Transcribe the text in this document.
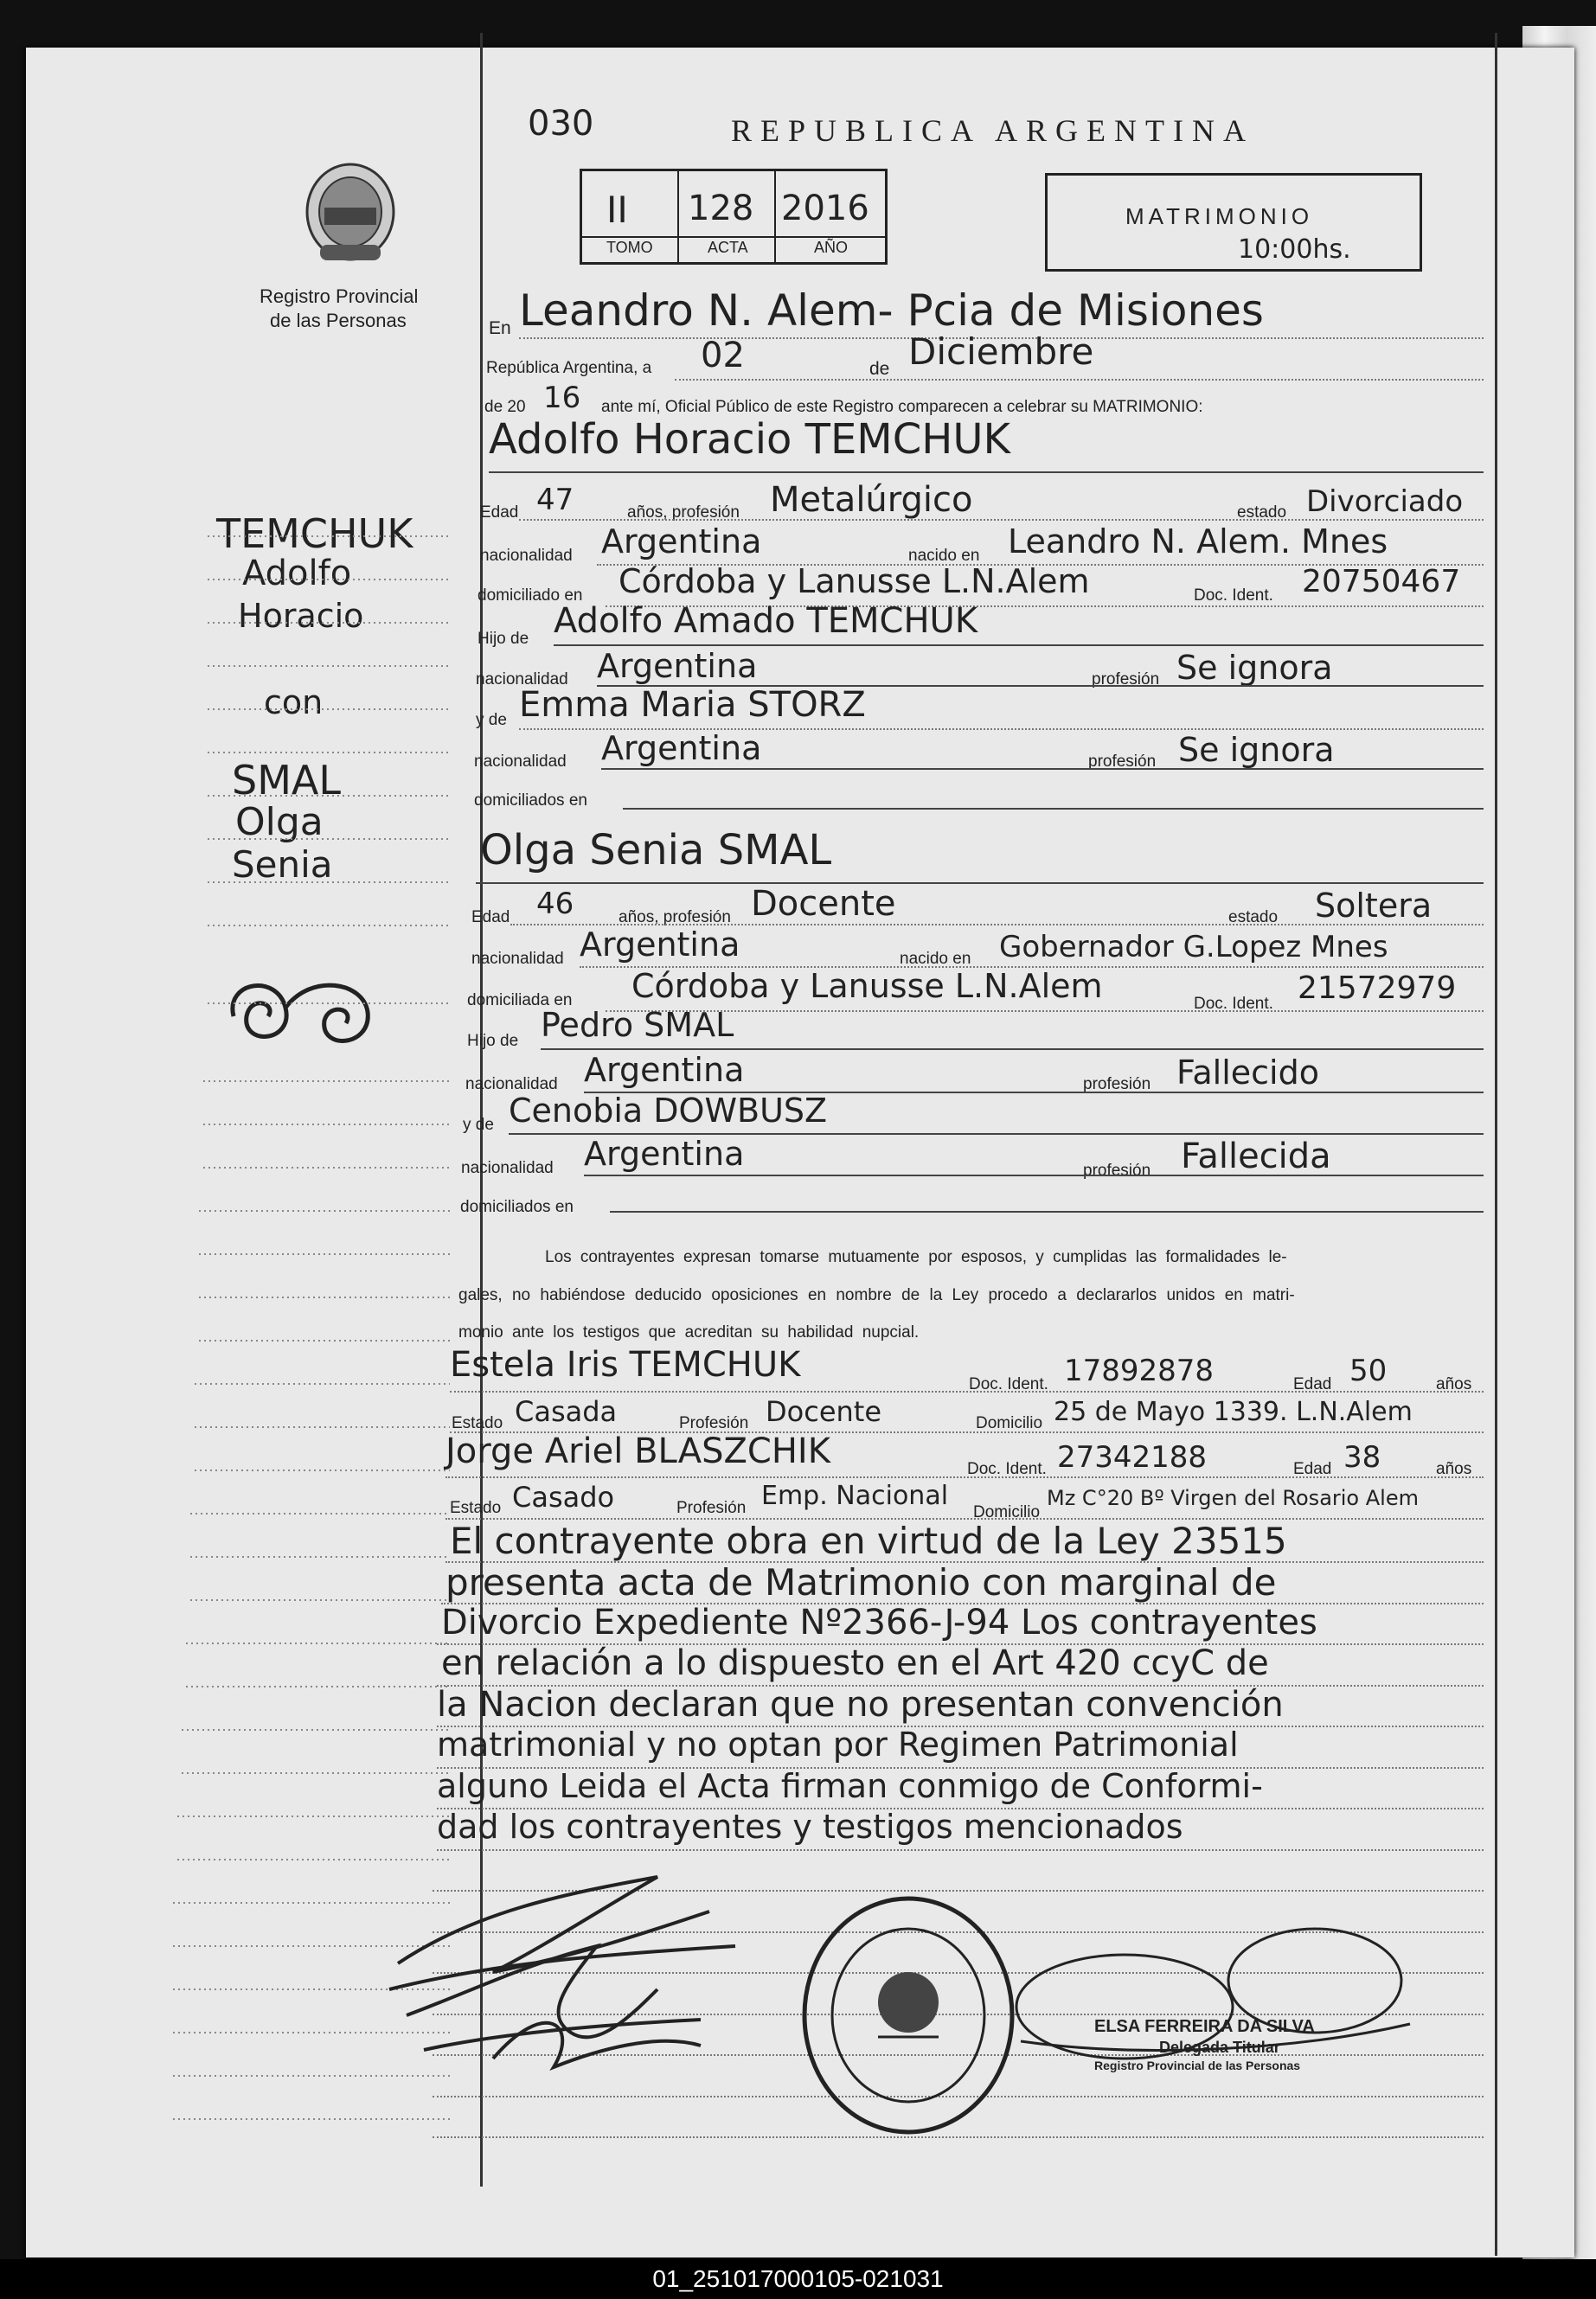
030	REPUBLICA ARGENTINA
Registro Provincial
de las Personas
II 128 2016
TOMO	ACTA	AÑO
MATRIMONIO
10:00hs.
En Leandro N. Alem- Pcia de Misiones
República Argentina, a 02	de Diciembre
de 20 16 ante mí, Oficial Público de este Registro comparecen a celebrar su MATRIMONIO:
Adolfo Horacio TEMCHUK
Edad 47	años, profesión Metalúrgico	estado Divorciado
nacionalidad Argentina	nacido en Leandro N. Alem. Mnes
domiciliado en Córdoba y Lanusse L.N.Alem	Doc. Ident. 20750467
Hijo de Adolfo Amado TEMCHUK
nacionalidad Argentina	profesión Se ignora
y de Emma Maria STORZ
nacionalidad Argentina	profesión Se ignora
domiciliados en
Olga Senia SMAL
Edad 46	años, profesión Docente	estado Soltera
nacionalidad Argentina	nacido en Gobernador G.Lopez Mnes
domiciliada en Córdoba y Lanusse L.N.Alem	Doc. Ident. 21572979
Hijo de Pedro SMAL
nacionalidad Argentina	profesión Fallecido
y de Cenobia DOWBUSZ
nacionalidad Argentina	profesión Fallecida
domiciliados en
Los contrayentes expresan tomarse mutuamente por esposos, y cumplidas las formalidades le-
gales, no habiéndose deducido oposiciones en nombre de la Ley procedo a declararlos unidos en matri-
monio ante los testigos que acreditan su habilidad nupcial.
Estela Iris TEMCHUK	Doc. Ident. 17892878	Edad 50	años
Estado Casada	Profesión Docente	Domicilio 25 de Mayo 1339. L.N.Alem
Jorge Ariel BLASZCHIK	Doc. Ident. 27342188	Edad 38	años
Estado Casado	Profesión Emp. Nacional
Domicilio
Mz C°20 Bº Virgen del Rosario Alem
El contrayente obra en virtud de la Ley 23515
presenta acta de Matrimonio con marginal de
Divorcio Expediente Nº2366-J-94 Los contrayentes
en relación a lo dispuesto en el Art 420 ccyC de
la Nacion declaran que no presentan convención
matrimonial y no optan por Regimen Patrimonial
alguno Leida el Acta firman conmigo de Conformi-
dad los contrayentes y testigos mencionados
TEMCHUK
Adolfo
Horacio
con
SMAL
Olga
Senia
ELSA FERREIRA DA SILVA
Delegada Titular
Registro Provincial de las Personas
01_251017000105-021031
